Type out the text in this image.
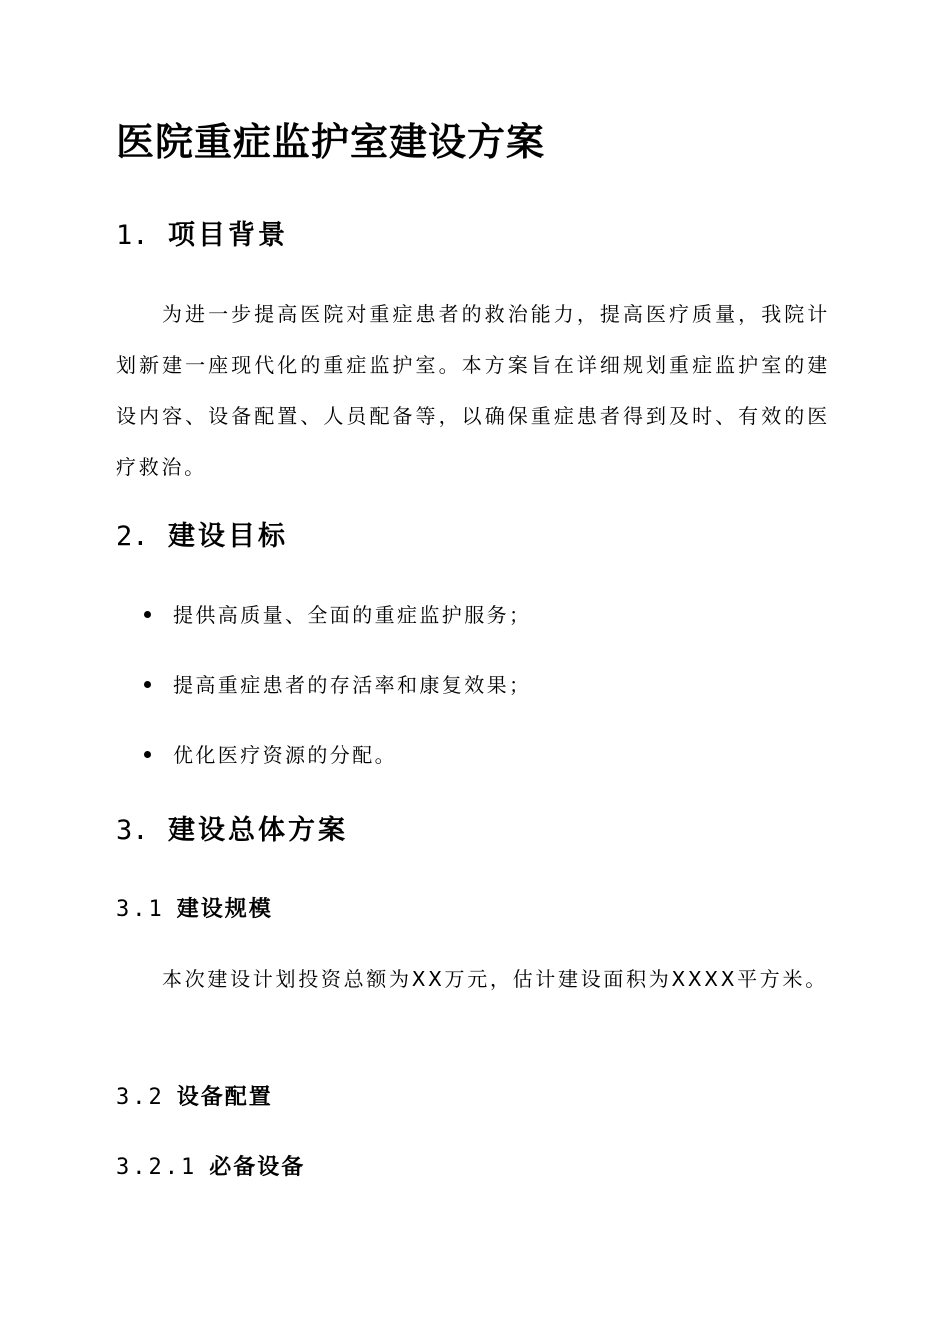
医院重症监护室建设方案
1. 项目背景

为进一步提高医院对重症患者的救治能力，提高医疗质量，我院计划新建一座现代化的重症监护室。本方案旨在详细规划重症监护室的建设内容、设备配置、人员配备等，以确保重症患者得到及时、有效的医疗救治。

2. 建设目标
提供高质量、全面的重症监护服务；
提高重症患者的存活率和康复效果；
优化医疗资源的分配。
3. 建设总体方案
3.1 建设规模

本次建设计划投资总额为XX万元，估计建设面积为XXXX平方米。

3.2 设备配置
3.2.1 必备设备
